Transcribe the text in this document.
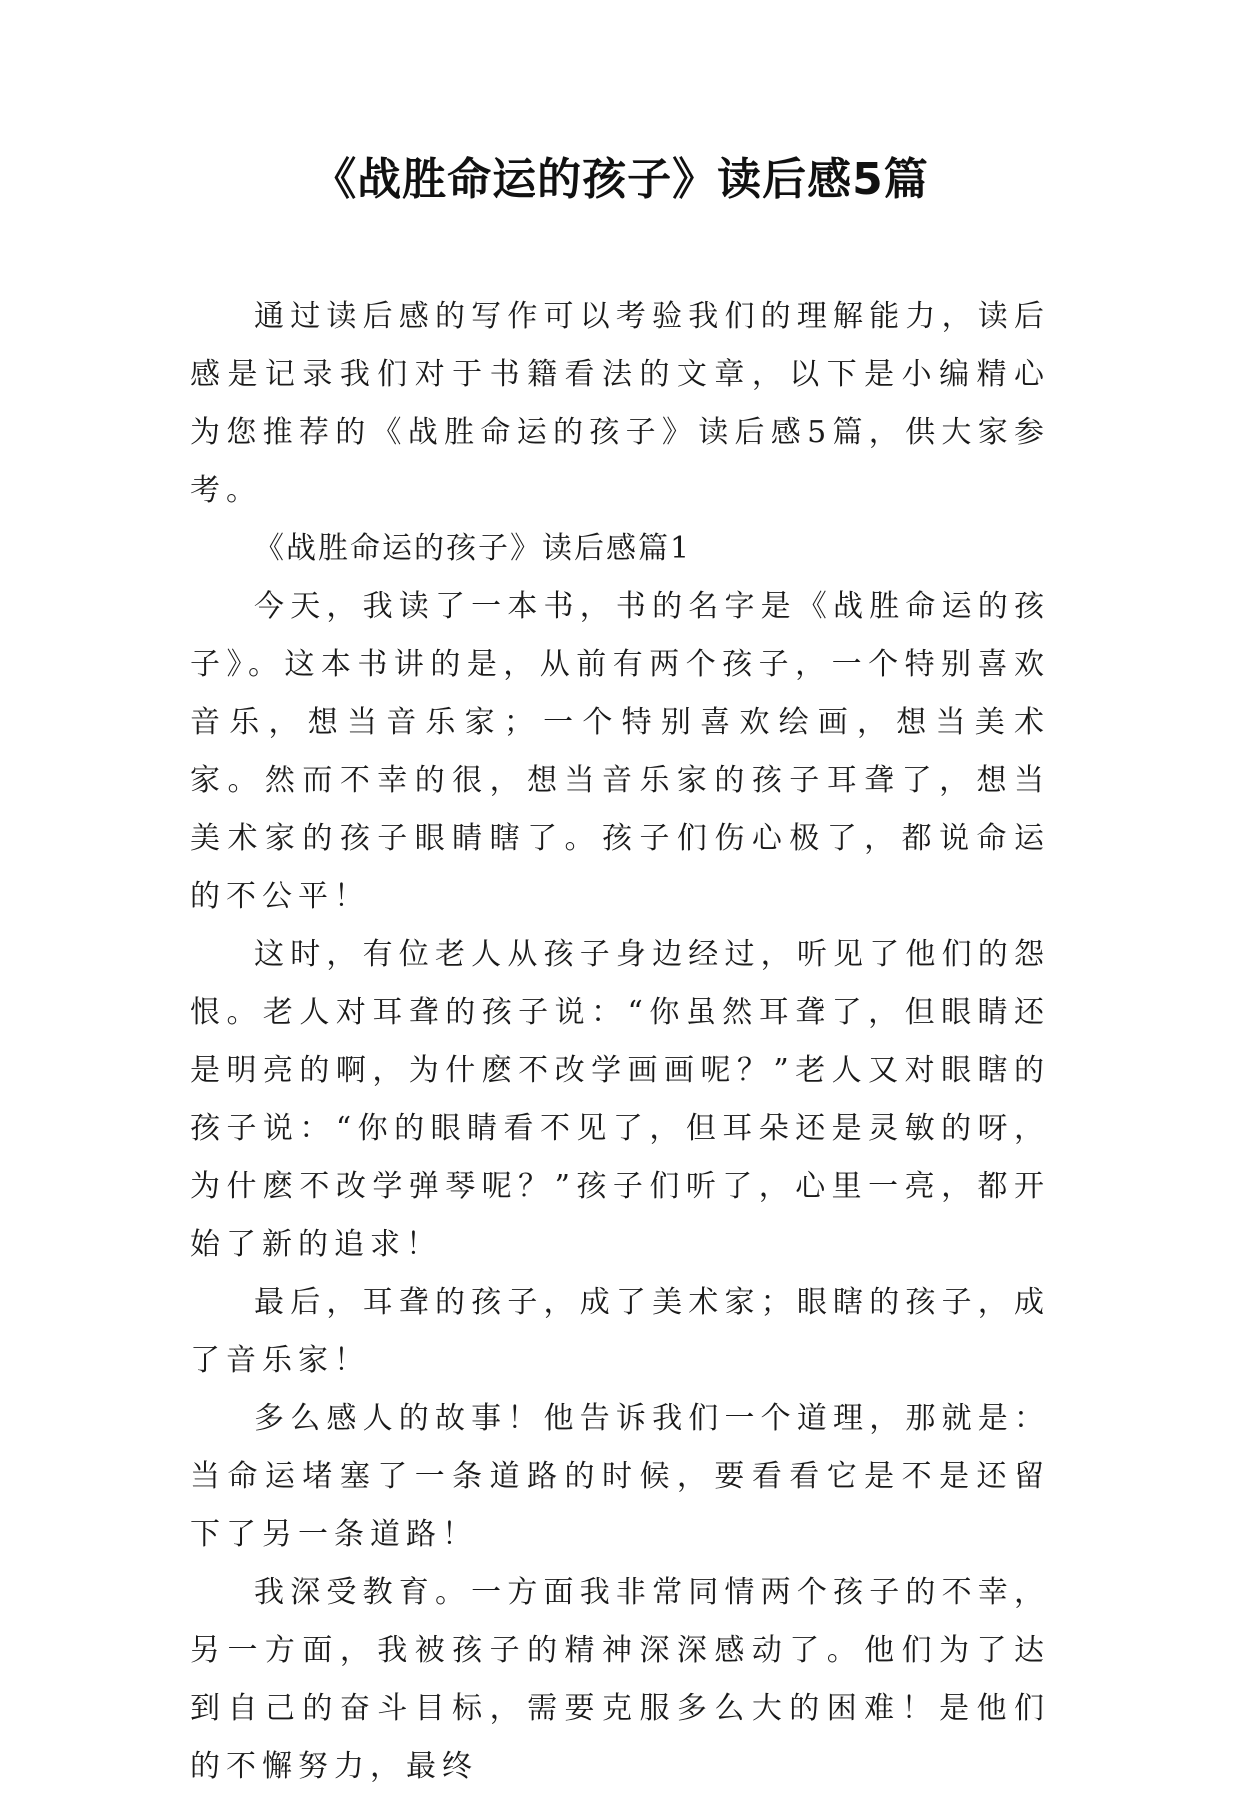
《战胜命运的孩子》读后感5篇

通过读后感的写作可以考验我们的理解能力，读后感是记录我们对于书籍看法的文章，以下是小编精心为您推荐的《战胜命运的孩子》读后感5篇，供大家参考。

《战胜命运的孩子》读后感篇1

今天，我读了一本书，书的名字是《战胜命运的孩子》。这本书讲的是，从前有两个孩子，一个特别喜欢音乐，想当音乐家；一个特别喜欢绘画，想当美术家。然而不幸的很，想当音乐家的孩子耳聋了，想当美术家的孩子眼睛瞎了。孩子们伤心极了，都说命运的不公平！

这时，有位老人从孩子身边经过，听见了他们的怨恨。老人对耳聋的孩子说：“你虽然耳聋了，但眼睛还是明亮的啊，为什麽不改学画画呢？”老人又对眼瞎的孩子说：“你的眼睛看不见了，但耳朵还是灵敏的呀，为什麽不改学弹琴呢？”孩子们听了，心里一亮，都开始了新的追求！

最后，耳聋的孩子，成了美术家；眼瞎的孩子，成了音乐家！

多么感人的故事！他告诉我们一个道理，那就是：当命运堵塞了一条道路的时候，要看看它是不是还留下了另一条道路！

我深受教育。一方面我非常同情两个孩子的不幸，另一方面，我被孩子的精神深深感动了。他们为了达到自己的奋斗目标，需要克服多么大的困难！是他们的不懈努力，最终
